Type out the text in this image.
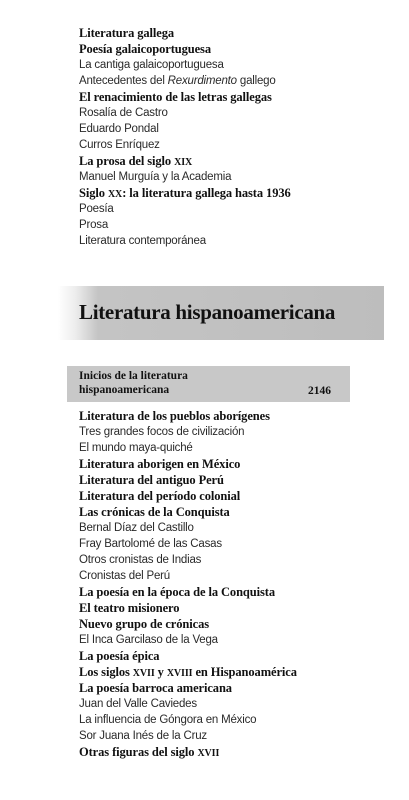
Literatura gallega
Poesía galaicoportuguesa
La cantiga galaicoportuguesa
Antecedentes del Rexurdimento gallego
El renacimiento de las letras gallegas
Rosalía de Castro
Eduardo Pondal
Curros Enríquez
La prosa del siglo XIX
Manuel Murguía y la Academia
Siglo XX: la literatura gallega hasta 1936
Poesía
Prosa
Literatura contemporánea
Literatura hispanoamericana
Inicios de la literatura
hispanoamericana	2146
Literatura de los pueblos aborígenes
Tres grandes focos de civilización
El mundo maya-quiché
Literatura aborigen en México
Literatura del antiguo Perú
Literatura del período colonial
Las crónicas de la Conquista
Bernal Díaz del Castillo
Fray Bartolomé de las Casas
Otros cronistas de Indias
Cronistas del Perú
La poesía en la época de la Conquista
El teatro misionero
Nuevo grupo de crónicas
El Inca Garcilaso de la Vega
La poesía épica
Los siglos XVII y XVIII en Hispanoamérica
La poesía barroca americana
Juan del Valle Caviedes
La influencia de Góngora en México
Sor Juana Inés de la Cruz
Otras figuras del siglo XVII
